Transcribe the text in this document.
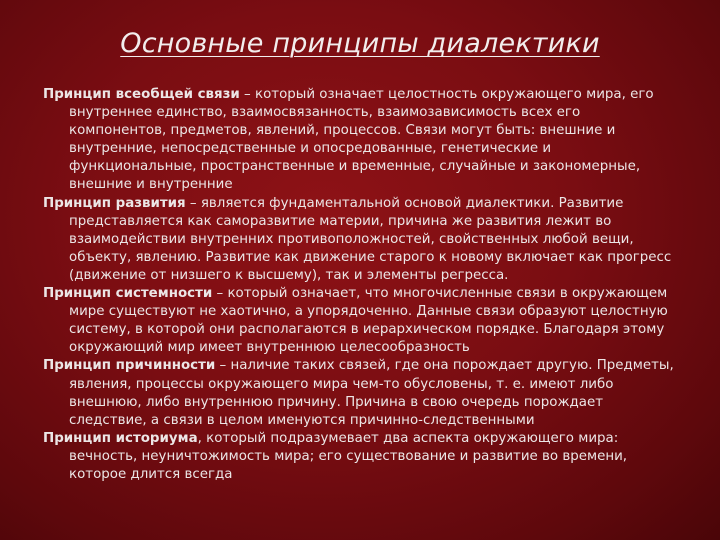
Основные принципы диалектики

Принцип всеобщей связи – который означает целостность окружающего мира, его внутреннее единство, взаимосвязанность, взаимозависимость всех его компонентов, предметов, явлений, процессов. Связи могут быть: внешние и внутренние, непосредственные и опосредованные, генетические и функциональные, пространственные и временные, случайные и закономерные, внешние и внутренние

Принцип развития – является фундаментальной основой диалектики. Развитие представляется как саморазвитие материи, причина же развития лежит во взаимодействии внутренних противоположностей, свойственных любой вещи, объекту, явлению. Развитие как движение старого к новому включает как прогресс (движение от низшего к высшему), так и элементы регресса.

Принцип системности – который означает, что многочисленные связи в окружающем мире существуют не хаотично, а упорядоченно. Данные связи образуют целостную систему, в которой они располагаются в иерархическом порядке. Благодаря этому окружающий мир имеет внутреннюю целесообразность

Принцип причинности – наличие таких связей, где она порождает другую. Предметы, явления, процессы окружающего мира чем-то обусловены, т. е. имеют либо внешнюю, либо внутреннюю причину. Причина в свою очередь порождает следствие, а связи в целом именуются причинно-следственными

Принцип историума, который подразумевает два аспекта окружающего мира: вечность, неуничтожимость мира; его существование и развитие во времени, которое длится всегда
